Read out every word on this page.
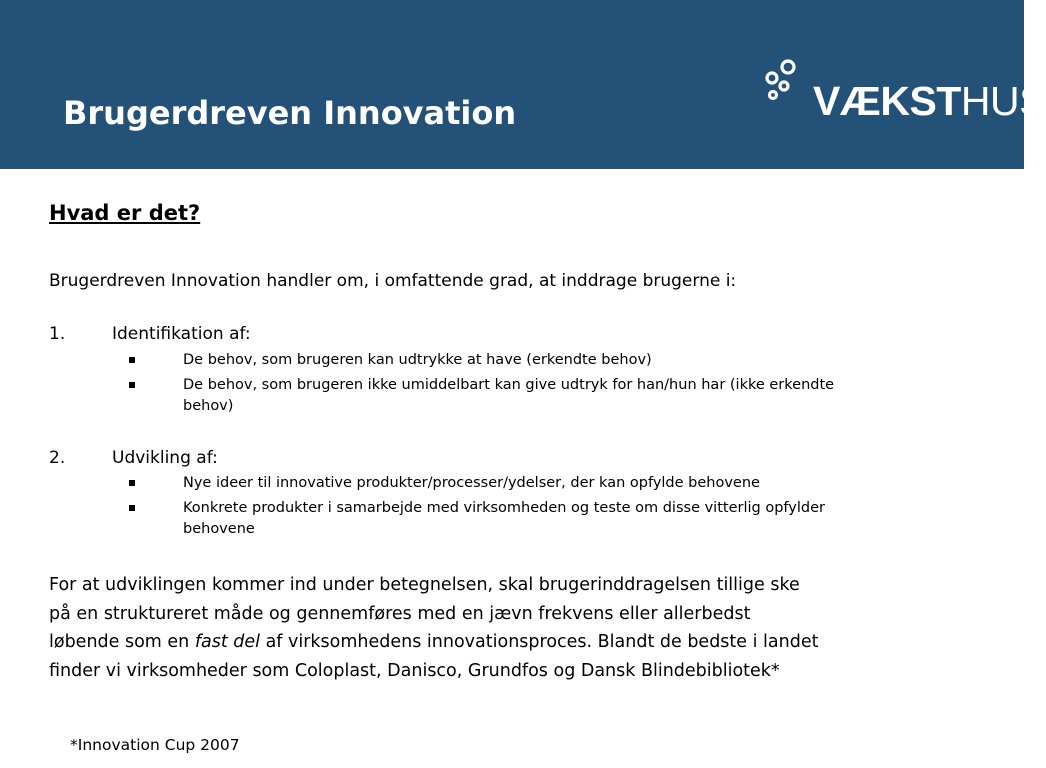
Brugerdreven Innovation	VÆKSTHUS
Hvad er det?

Brugerdreven Innovation handler om, i omfattende grad, at inddrage brugerne i:

1.	Identifikation af:
De behov, som brugeren kan udtrykke at have (erkendte behov)
De behov, som brugeren ikke umiddelbart kan give udtryk for han/hun har (ikke erkendte behov)
2.	Udvikling af:
Nye ideer til innovative produkter/processer/ydelser, der kan opfylde behovene
Konkrete produkter i samarbejde med virksomheden og teste om disse vitterlig opfylder behovene
For at udviklingen kommer ind under betegnelsen, skal brugerinddragelsen tillige ske
på en struktureret måde og gennemføres med en jævn frekvens eller allerbedst
løbende som en fast del af virksomhedens innovationsproces. Blandt de bedste i landet
finder vi virksomheder som Coloplast, Danisco, Grundfos og Dansk Blindebibliotek*

*Innovation Cup 2007
